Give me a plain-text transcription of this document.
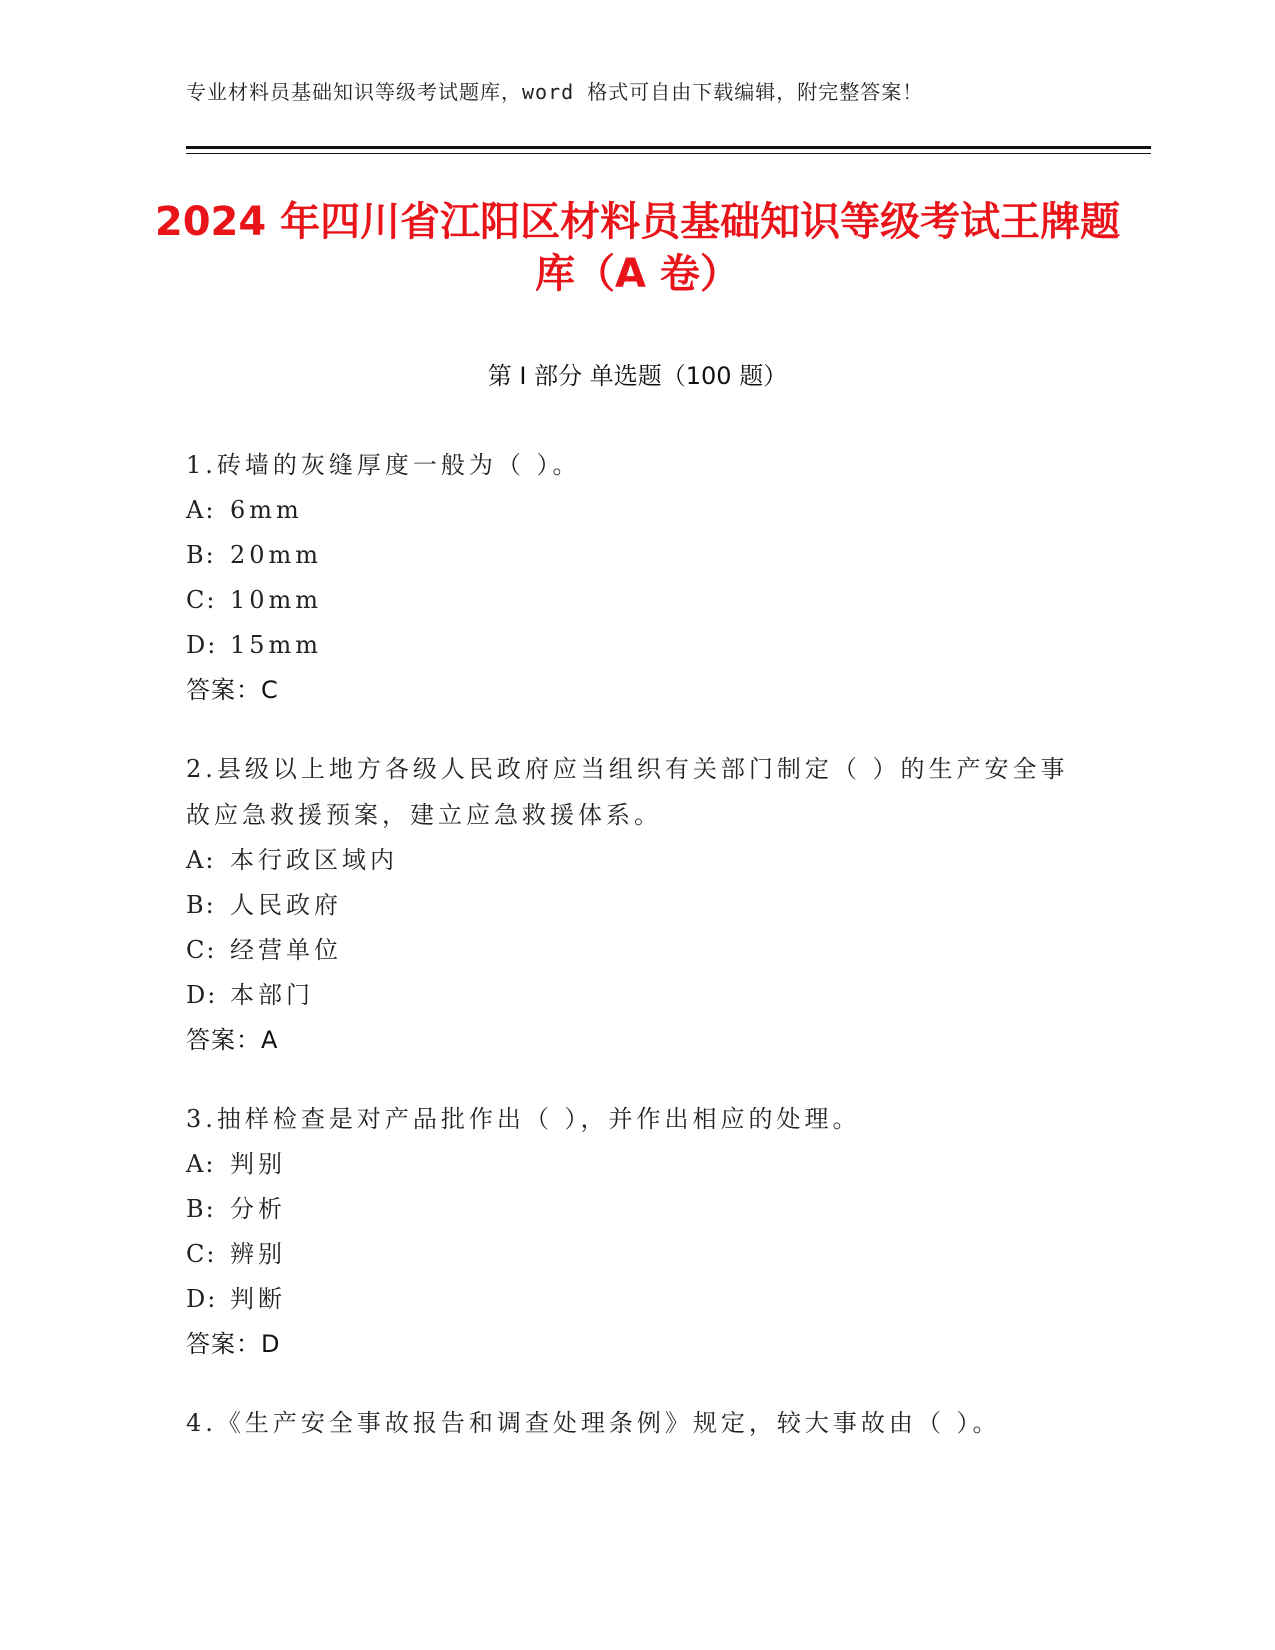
专业材料员基础知识等级考试题库，word 格式可自由下载编辑，附完整答案！
2024 年四川省江阳区材料员基础知识等级考试王牌题库（A 卷）
第 I 部分 单选题（100 题）
1.砖墙的灰缝厚度一般为（ ）。
A: 6mm
B: 20mm
C: 10mm
D: 15mm
答案：C
2.县级以上地方各级人民政府应当组织有关部门制定（ ）的生产安全事故应急救援预案，建立应急救援体系。
A: 本行政区域内
B: 人民政府
C: 经营单位
D: 本部门
答案：A
3.抽样检查是对产品批作出（ ），并作出相应的处理。
A: 判别
B: 分析
C: 辨别
D: 判断
答案：D
4.《生产安全事故报告和调查处理条例》规定，较大事故由（ ）。
